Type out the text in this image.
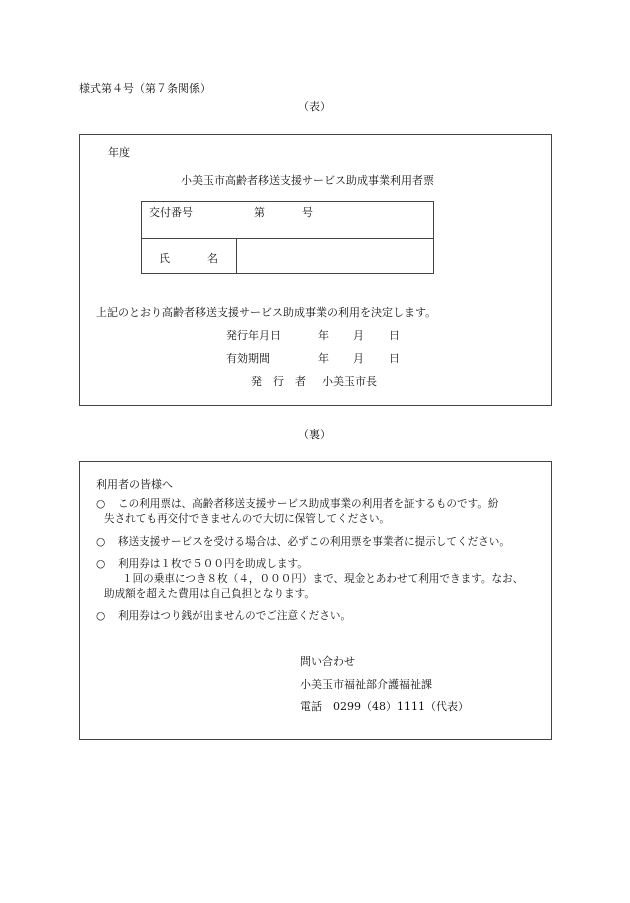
様式第４号（第７条関係）
（表）
年度
小美玉市高齢者移送支援サービス助成事業利用者票
交付番号	第	号
氏	名
上記のとおり高齢者移送支援サービス助成事業の利用を決定します。
発行年月日	年 月 日
有効期間	年 月 日
発　行　者 小美玉市長
（裏）
利用者の皆様へ
○	この利用票は、高齢者移送支援サービス助成事業の利用者を証するものです。紛
失されても再交付できませんので大切に保管してください。
○	移送支援サービスを受ける場合は、必ずこの利用票を事業者に提示してください。
○	利用券は１枚で５００円を助成します。
１回の乗車につき８枚（４，０００円）まで、現金とあわせて利用できます。なお、
助成額を超えた費用は自己負担となります。
○	利用券はつり銭が出ませんのでご注意ください。
問い合わせ
小美玉市福祉部介護福祉課
電話　0299（48）1111（代表）
